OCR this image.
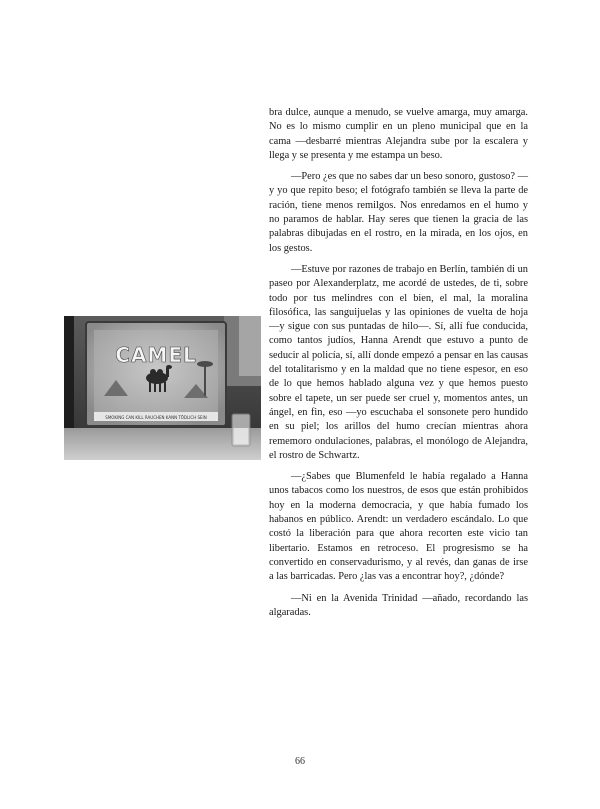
CAMEL
SMOKING CAN KILL RAUCHEN KANN TÖDLICH SEIN

bra dulce, aunque a menudo, se vuelve amarga, muy amarga. No es lo mismo cumplir en un pleno municipal que en la cama —desbarré mientras Alejandra sube por la escalera y llega y se presenta y me estampa un beso.

—Pero ¿es que no sabes dar un beso sonoro, gustoso? —y yo que repito beso; el fotógrafo también se lleva la parte de ración, tiene menos remilgos. Nos enredamos en el humo y no paramos de hablar. Hay seres que tienen la gracia de las palabras dibujadas en el rostro, en la mirada, en los ojos, en los gestos.

—Estuve por razones de trabajo en Berlín, también di un paseo por Alexanderplatz, me acordé de ustedes, de ti, sobre todo por tus melindres con el bien, el mal, la moralina filosófica, las sanguijuelas y las opiniones de vuelta de hoja —y sigue con sus puntadas de hilo—. Sí, allí fue conducida, como tantos judíos, Hanna Arendt que estuvo a punto de seducir al policía, sí, allí donde empezó a pensar en las causas del totalitarismo y en la maldad que no tiene espesor, en eso de lo que hemos hablado alguna vez y que hemos puesto sobre el tapete, un ser puede ser cruel y, momentos antes, un ángel, en fin, eso —yo escuchaba el sonsonete pero hundido en su piel; los arillos del humo crecían mientras ahora rememoro ondulaciones, palabras, el monólogo de Alejandra, el rostro de Schwartz.

—¿Sabes que Blumenfeld le había regalado a Hanna unos tabacos como los nuestros, de esos que están prohibidos hoy en la moderna democracia, y que había fumado los habanos en público. Arendt: un verdadero escándalo. Lo que costó la liberación para que ahora recorten este vicio tan libertario. Estamos en retroceso. El progresismo se ha convertido en conservadurismo, y al revés, dan ganas de irse a las barricadas. Pero ¿las vas a encontrar hoy?, ¿dónde?

—Ni en la Avenida Trinidad —añado, recordando las algaradas.

66
